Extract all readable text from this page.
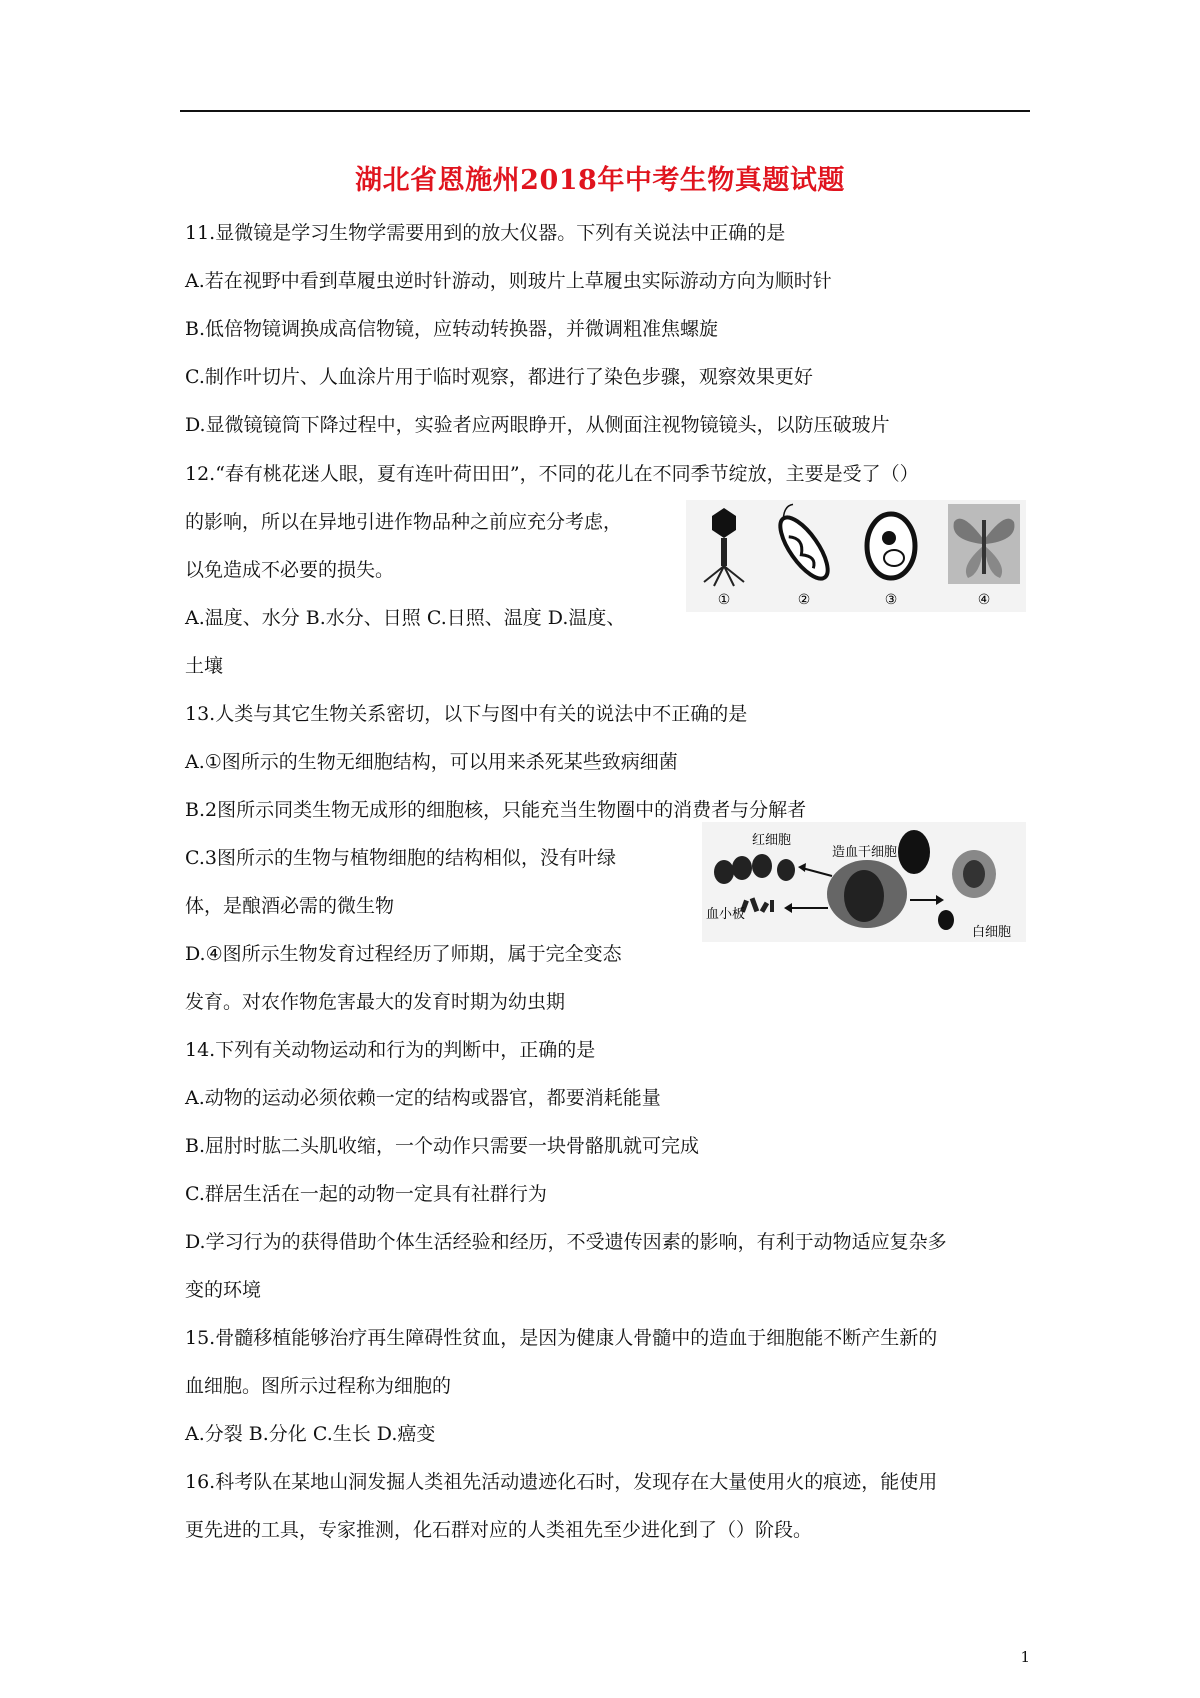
湖北省恩施州2018年中考生物真题试题
11.显微镜是学习生物学需要用到的放大仪器。下列有关说法中正确的是
A.若在视野中看到草履虫逆时针游动，则玻片上草履虫实际游动方向为顺时针
B.低倍物镜调换成高信物镜，应转动转换器，并微调粗准焦螺旋
C.制作叶切片、人血涂片用于临时观察，都进行了染色步骤，观察效果更好
D.显微镜镜筒下降过程中，实验者应两眼睁开，从侧面注视物镜镜头，以防压破玻片
12.“春有桃花迷人眼，夏有连叶荷田田”，不同的花儿在不同季节绽放，主要是受了（）
的影响，所以在异地引进作物品种之前应充分考虑，
以免造成不必要的损失。
A.温度、水分 B.水分、日照 C.日照、温度 D.温度、
土壤
13.人类与其它生物关系密切，以下与图中有关的说法中不正确的是
A.①图所示的生物无细胞结构，可以用来杀死某些致病细菌
B.2图所示同类生物无成形的细胞核，只能充当生物圈中的消费者与分解者
C.3图所示的生物与植物细胞的结构相似，没有叶绿
体，是酿酒必需的微生物
D.④图所示生物发育过程经历了师期，属于完全变态
发育。对农作物危害最大的发育时期为幼虫期
14.下列有关动物运动和行为的判断中，正确的是
A.动物的运动必须依赖一定的结构或器官，都要消耗能量
B.屈肘时肱二头肌收缩，一个动作只需要一块骨骼肌就可完成
C.群居生活在一起的动物一定具有社群行为
D.学习行为的获得借助个体生活经验和经历，不受遗传因素的影响，有利于动物适应复杂多
变的环境
15.骨髓移植能够治疗再生障碍性贫血，是因为健康人骨髓中的造血于细胞能不断产生新的
血细胞。图所示过程称为细胞的
A.分裂 B.分化 C.生长 D.癌变
16.科考队在某地山洞发掘人类祖先活动遗迹化石时，发现存在大量使用火的痕迹，能使用
更先进的工具，专家推测，化石群对应的人类祖先至少进化到了（）阶段。
①	②	③	④
红细胞
造血干细胞
血小板
白细胞
1
